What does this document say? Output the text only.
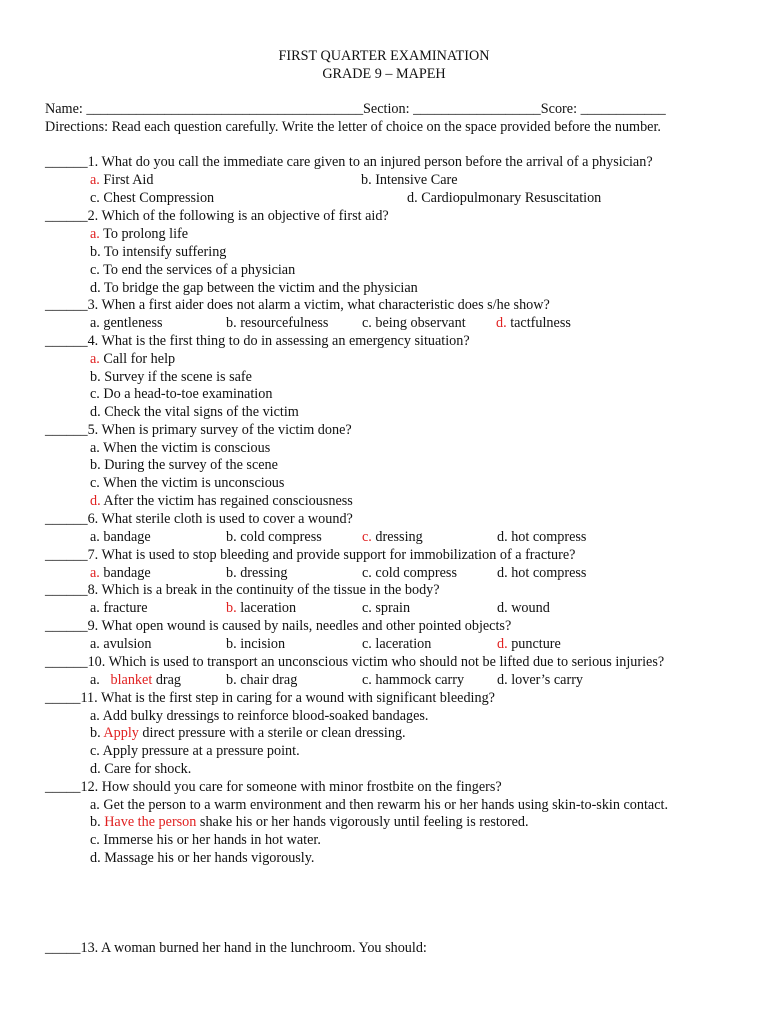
FIRST QUARTER EXAMINATION
GRADE 9 – MAPEH
Name: _______________________________________Section: __________________Score: ____________
Directions: Read each question carefully. Write the letter of choice on the space provided before the number.
______1. What do you call the immediate care given to an injured person before the arrival of a physician?
a. First Aid	b. Intensive Care
c. Chest Compression	d. Cardiopulmonary Resuscitation
______2. Which of the following is an objective of first aid?
a. To prolong life
b. To intensify suffering
c. To end the services of a physician
d. To bridge the gap between the victim and the physician
______3. When a first aider does not alarm a victim, what characteristic does s/he show?
a. gentleness	b. resourcefulness c. being observant d. tactfulness
______4. What is the first thing to do in assessing an emergency situation?
a. Call for help
b. Survey if the scene is safe
c. Do a head-to-toe examination
d. Check the vital signs of the victim
______5. When is primary survey of the victim done?
a. When the victim is conscious
b. During the survey of the scene
c. When the victim is unconscious
d. After the victim has regained consciousness
______6. What sterile cloth is used to cover a wound?
a. bandage	b. cold compress	c. dressing	d. hot compress
______7. What is used to stop bleeding and provide support for immobilization of a fracture?
a. bandage	b. dressing	c. cold compress	d. hot compress
______8. Which is a break in the continuity of the tissue in the body?
a. fracture	b. laceration	c. sprain	d. wound
______9. What open wound is caused by nails, needles and other pointed objects?
a. avulsion	b. incision	c. laceration	d. puncture
______10. Which is used to transport an unconscious victim who should not be lifted due to serious injuries?
a. blanket drag	b. chair drag	c. hammock carry d. lover’s carry
_____11. What is the first step in caring for a wound with significant bleeding?
a. Add bulky dressings to reinforce blood-soaked bandages.
b. Apply direct pressure with a sterile or clean dressing.
c. Apply pressure at a pressure point.
d. Care for shock.
_____12. How should you care for someone with minor frostbite on the fingers?
a. Get the person to a warm environment and then rewarm his or her hands using skin-to-skin contact.
b. Have the person shake his or her hands vigorously until feeling is restored.
c. Immerse his or her hands in hot water.
d. Massage his or her hands vigorously.
_____13. A woman burned her hand in the lunchroom. You should:
